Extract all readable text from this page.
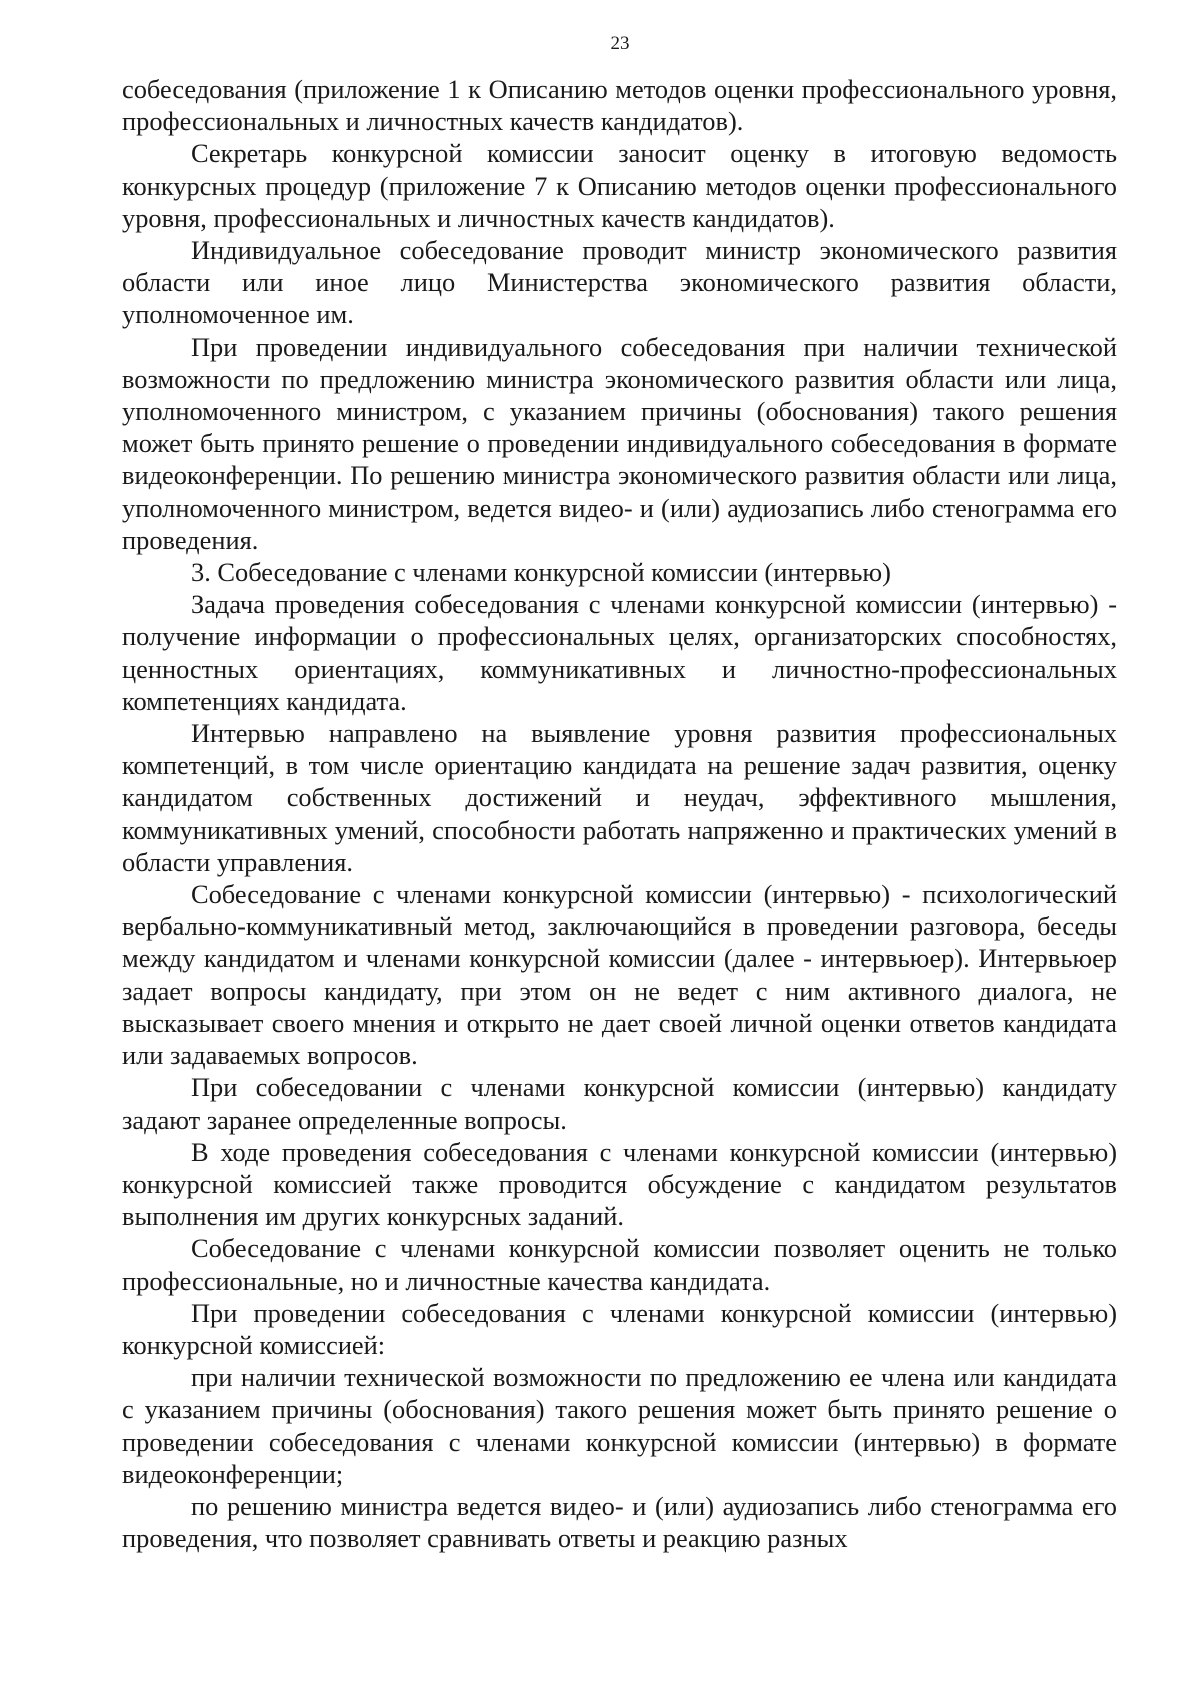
23

собеседования (приложение 1 к Описанию методов оценки профессионального уровня, профессиональных и личностных качеств кандидатов).

Секретарь конкурсной комиссии заносит оценку в итоговую ведомость конкурсных процедур (приложение 7 к Описанию методов оценки профессионального уровня, профессиональных и личностных качеств кандидатов).

Индивидуальное собеседование проводит министр экономического развития области или иное лицо Министерства экономического развития области, уполномоченное им.

При проведении индивидуального собеседования при наличии технической возможности по предложению министра экономического развития области или лица, уполномоченного министром, с указанием причины (обоснования) такого решения может быть принято решение о проведении индивидуального собеседования в формате видеоконференции. По решению министра экономического развития области или лица, уполномоченного министром, ведется видео- и (или) аудиозапись либо стенограмма его проведения.

3. Собеседование с членами конкурсной комиссии (интервью)

Задача проведения собеседования с членами конкурсной комиссии (интервью) - получение информации о профессиональных целях, организаторских способностях, ценностных ориентациях, коммуникативных и личностно-профессиональных компетенциях кандидата.

Интервью направлено на выявление уровня развития профессиональных компетенций, в том числе ориентацию кандидата на решение задач развития, оценку кандидатом собственных достижений и неудач, эффективного мышления, коммуникативных умений, способности работать напряженно и практических умений в области управления.

Собеседование с членами конкурсной комиссии (интервью) - психологический вербально-коммуникативный метод, заключающийся в проведении разговора, беседы между кандидатом и членами конкурсной комиссии (далее - интервьюер). Интервьюер задает вопросы кандидату, при этом он не ведет с ним активного диалога, не высказывает своего мнения и открыто не дает своей личной оценки ответов кандидата или задаваемых вопросов.

При собеседовании с членами конкурсной комиссии (интервью) кандидату задают заранее определенные вопросы.

В ходе проведения собеседования с членами конкурсной комиссии (интервью) конкурсной комиссией также проводится обсуждение с кандидатом результатов выполнения им других конкурсных заданий.

Собеседование с членами конкурсной комиссии позволяет оценить не только профессиональные, но и личностные качества кандидата.

При проведении собеседования с членами конкурсной комиссии (интервью) конкурсной комиссией:

при наличии технической возможности по предложению ее члена или кандидата с указанием причины (обоснования) такого решения может быть принято решение о проведении собеседования с членами конкурсной комиссии (интервью) в формате видеоконференции;

по решению министра ведется видео- и (или) аудиозапись либо стенограмма его проведения, что позволяет сравнивать ответы и реакцию разных
